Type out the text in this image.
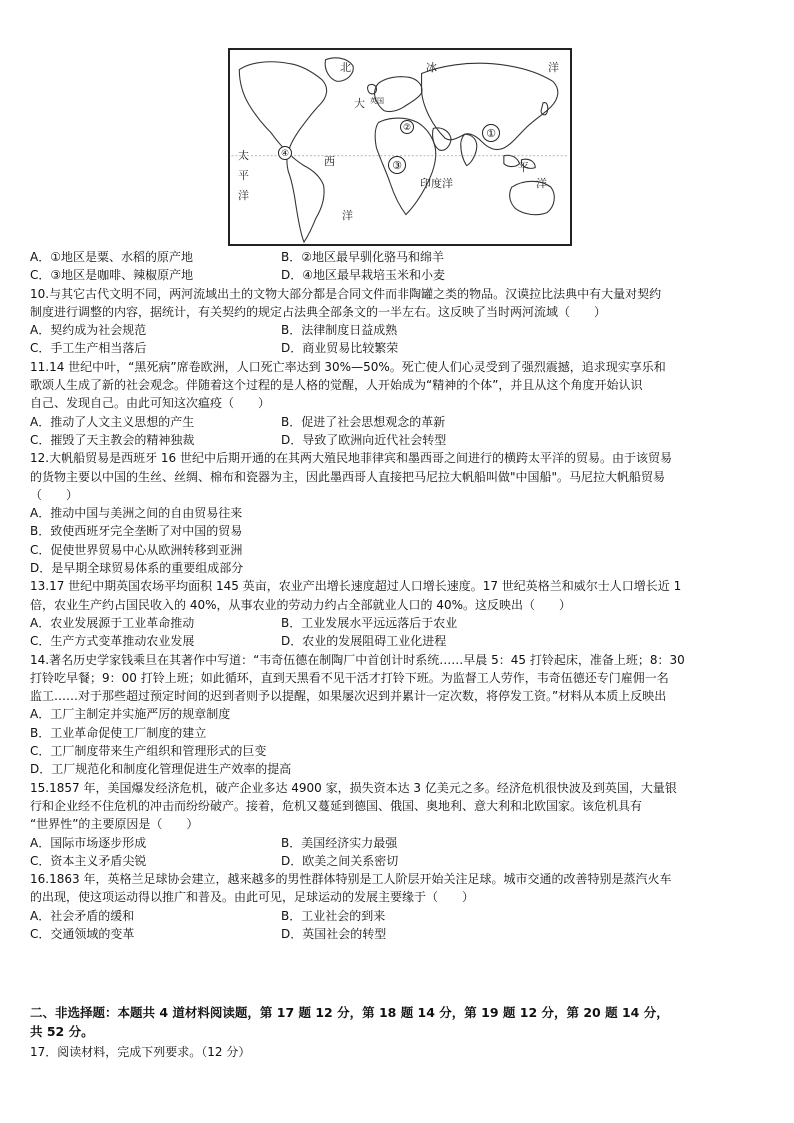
北	冰	洋
大 英国
太
平
洋
西
洋
印度洋
平
洋
①
②
③
④
A．①地区是粟、水稻的原产地	B．②地区最早驯化骆马和绵羊
C．③地区是咖啡、辣椒原产地	D．④地区最早栽培玉米和小麦
10.与其它古代文明不同，两河流域出土的文物大部分都是合同文件而非陶罐之类的物品。汉谟拉比法典中有大量对契约
制度进行调整的内容，据统计，有关契约的规定占法典全部条文的一半左右。这反映了当时两河流域（　　）
A．契约成为社会规范	B．法律制度日益成熟
C．手工生产相当落后	D．商业贸易比较繁荣
11.14 世纪中叶，“黑死病”席卷欧洲，人口死亡率达到 30%—50%。死亡使人们心灵受到了强烈震撼，追求现实享乐和
歌颂人生成了新的社会观念。伴随着这个过程的是人格的觉醒，人开始成为“精神的个体”，并且从这个角度开始认识
自己、发现自己。由此可知这次瘟疫（　　）
A．推动了人文主义思想的产生	B．促进了社会思想观念的革新
C．摧毁了天主教会的精神独裁	D．导致了欧洲向近代社会转型
12.大帆船贸易是西班牙 16 世纪中后期开通的在其两大殖民地菲律宾和墨西哥之间进行的横跨太平洋的贸易。由于该贸易
的货物主要以中国的生丝、丝绸、棉布和瓷器为主，因此墨西哥人直接把马尼拉大帆船叫做"中国船"。马尼拉大帆船贸易
（　　）
A．推动中国与美洲之间的自由贸易往来
B．致使西班牙完全垄断了对中国的贸易
C．促使世界贸易中心从欧洲转移到亚洲
D．是早期全球贸易体系的重要组成部分
13.17 世纪中期英国农场平均面积 145 英亩，农业产出增长速度超过人口增长速度。17 世纪英格兰和威尔士人口增长近 1
倍，农业生产约占国民收入的 40%，从事农业的劳动力约占全部就业人口的 40%。这反映出（　　）
A．农业发展源于工业革命推动	B．工业发展水平远远落后于农业
C．生产方式变革推动农业发展	D．农业的发展阻碍工业化进程
14.著名历史学家钱乘旦在其著作中写道：“韦奇伍德在制陶厂中首创计时系统……早晨 5：45 打铃起床，准备上班；8：30
打铃吃早餐；9：00 打铃上班；如此循环，直到天黑看不见干活才打铃下班。为监督工人劳作，韦奇伍德还专门雇佣一名
监工……对于那些超过预定时间的迟到者则予以提醒，如果屡次迟到并累计一定次数，将停发工资。”材料从本质上反映出
A．工厂主制定并实施严厉的规章制度
B．工业革命促使工厂制度的建立
C．工厂制度带来生产组织和管理形式的巨变
D．工厂规范化和制度化管理促进生产效率的提高
15.1857 年，美国爆发经济危机，破产企业多达 4900 家，损失资本达 3 亿美元之多。经济危机很快波及到英国，大量银
行和企业经不住危机的冲击而纷纷破产。接着，危机又蔓延到德国、俄国、奥地利、意大利和北欧国家。该危机具有
“世界性”的主要原因是（　　）
A．国际市场逐步形成	B．美国经济实力最强
C．资本主义矛盾尖锐	D．欧美之间关系密切
16.1863 年，英格兰足球协会建立，越来越多的男性群体特别是工人阶层开始关注足球。城市交通的改善特别是蒸汽火车
的出现，使这项运动得以推广和普及。由此可见，足球运动的发展主要缘于（　　）
A．社会矛盾的缓和	B．工业社会的到来
C．交通领域的变革	D．英国社会的转型
二、非选择题：本题共 4 道材料阅读题，第 17 题 12 分，第 18 题 14 分，第 19 题 12 分，第 20 题 14 分，
共 52 分。
17．阅读材料，完成下列要求。（12 分）
